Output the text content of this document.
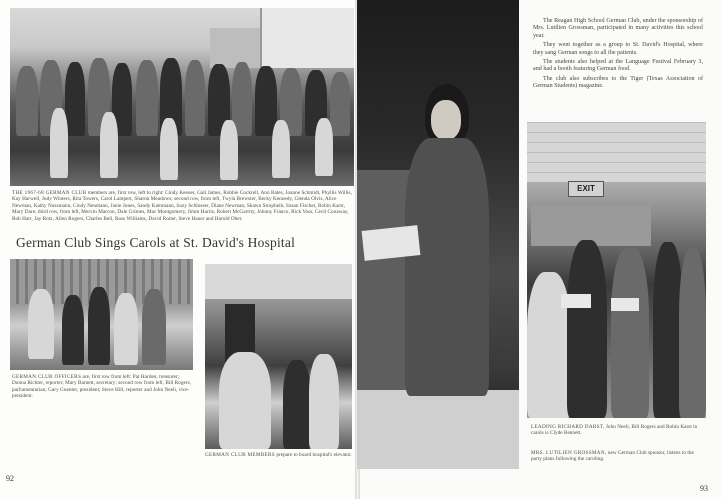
THE 1967-68 GERMAN CLUB members are, first row, left to right: Cindy Keener, Gail James, Robbie Cockrell, Ann Bates, Joanne Schmidt, Phyllis Willis, Kay Harwell, Judy Winters, Rita Towers, Carol Lampert, Sharon Meadows; second row, from left, Twyla Brewster, Becky Kennedy, Glenda Olvis, Alice Newman, Kathy Nussmann, Cindy Neumann, Janie Jones, Sandy Kammann, Suzy Schlosser, Diane Newman, Shawn Stropheib, Susan Fischer, Robin Karst, Mary Dare; third row, from left, Mervin Marcon, Dale Grimes, Mac Montgomery, Jimm Harris, Robert McGarrity, Johnny Franco, Rick Voss, Cecil Conaway, Bob Hart, Jay Rotz, Allen Rogers, Charles Bell, Ross Williams, David Roiter, Steve Hauer and Harold Ober.
German Club Sings Carols at St. David's Hospital
GERMAN CLUB OFFICERS are, first row from left: Pat Harden, treasurer; Donna Richter, reporter; Mary Barnett, secretary; second row from left, Bill Rogers, parliamentarian; Gary Guenter, president; Steve Hill, reporter and John Neeli, vice-president.
GERMAN CLUB MEMBERS prepare to board hospital's elevator.
92

The Reagan High School German Club, under the sponsorship of Mrs. Lutilien Grossman, participated in many activities this school year.

They went together as a group to St. David's Hospital, where they sang German songs to all the patients.

The students also helped at the Language Festival February 3, and had a booth featuring German food.

The club also subscribes to the Tiger (Texas Association of German Students) magazine.

EXIT
LEADING RICHARD DABST, John Neeli, Bill Rogers and Robin Karst in carols is Clyde Bennett.
MRS. LUTILIEN GROSSMAN, new German Club sponsor, listens to the party plans following the caroling.
93
